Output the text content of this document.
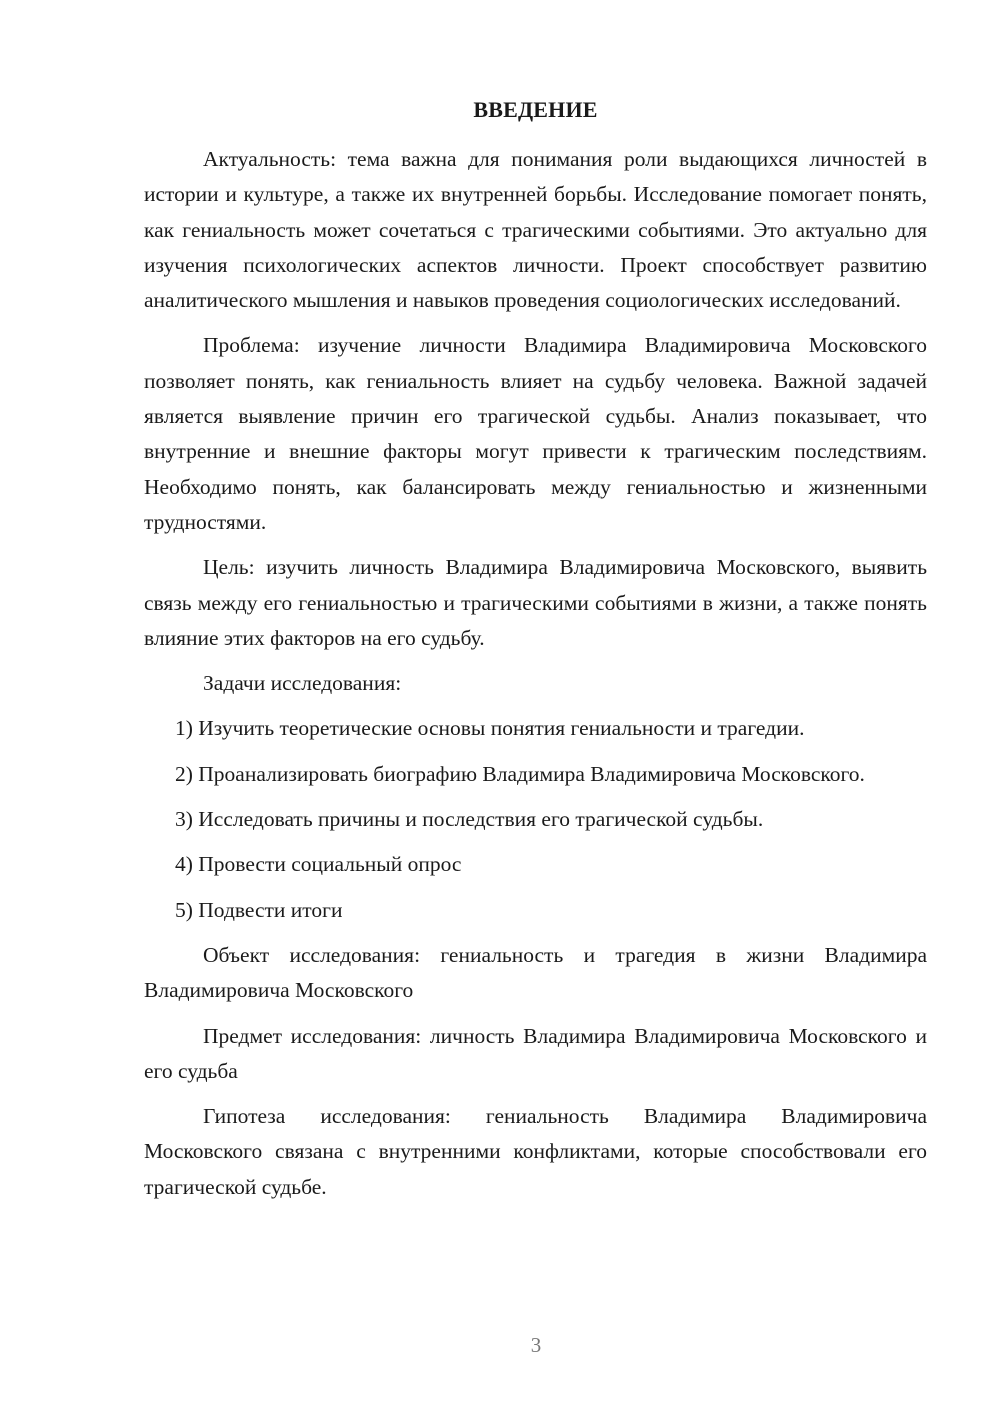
ВВЕДЕНИЕ

Актуальность: тема важна для понимания роли выдающихся личностей в истории и культуре, а также их внутренней борьбы. Исследование помогает понять, как гениальность может сочетаться с трагическими событиями. Это актуально для изучения психологических аспектов личности. Проект способствует развитию аналитического мышления и навыков проведения социологических исследований.

Проблема: изучение личности Владимира Владимировича Московского позволяет понять, как гениальность влияет на судьбу человека. Важной задачей является выявление причин его трагической судьбы. Анализ показывает, что внутренние и внешние факторы могут привести к трагическим последствиям. Необходимо понять, как балансировать между гениальностью и жизненными трудностями.

Цель: изучить личность Владимира Владимировича Московского, выявить связь между его гениальностью и трагическими событиями в жизни, а также понять влияние этих факторов на его судьбу.

Задачи исследования:

1) Изучить теоретические основы понятия гениальности и трагедии.

2) Проанализировать биографию Владимира Владимировича Московского.

3) Исследовать причины и последствия его трагической судьбы.

4) Провести социальный опрос

5) Подвести итоги

Объект исследования: гениальность и трагедия в жизни Владимира Владимировича Московского

Предмет исследования: личность Владимира Владимировича Московского и его судьба

Гипотеза исследования: гениальность Владимира Владимировича Московского связана с внутренними конфликтами, которые способствовали его трагической судьбе.

3
